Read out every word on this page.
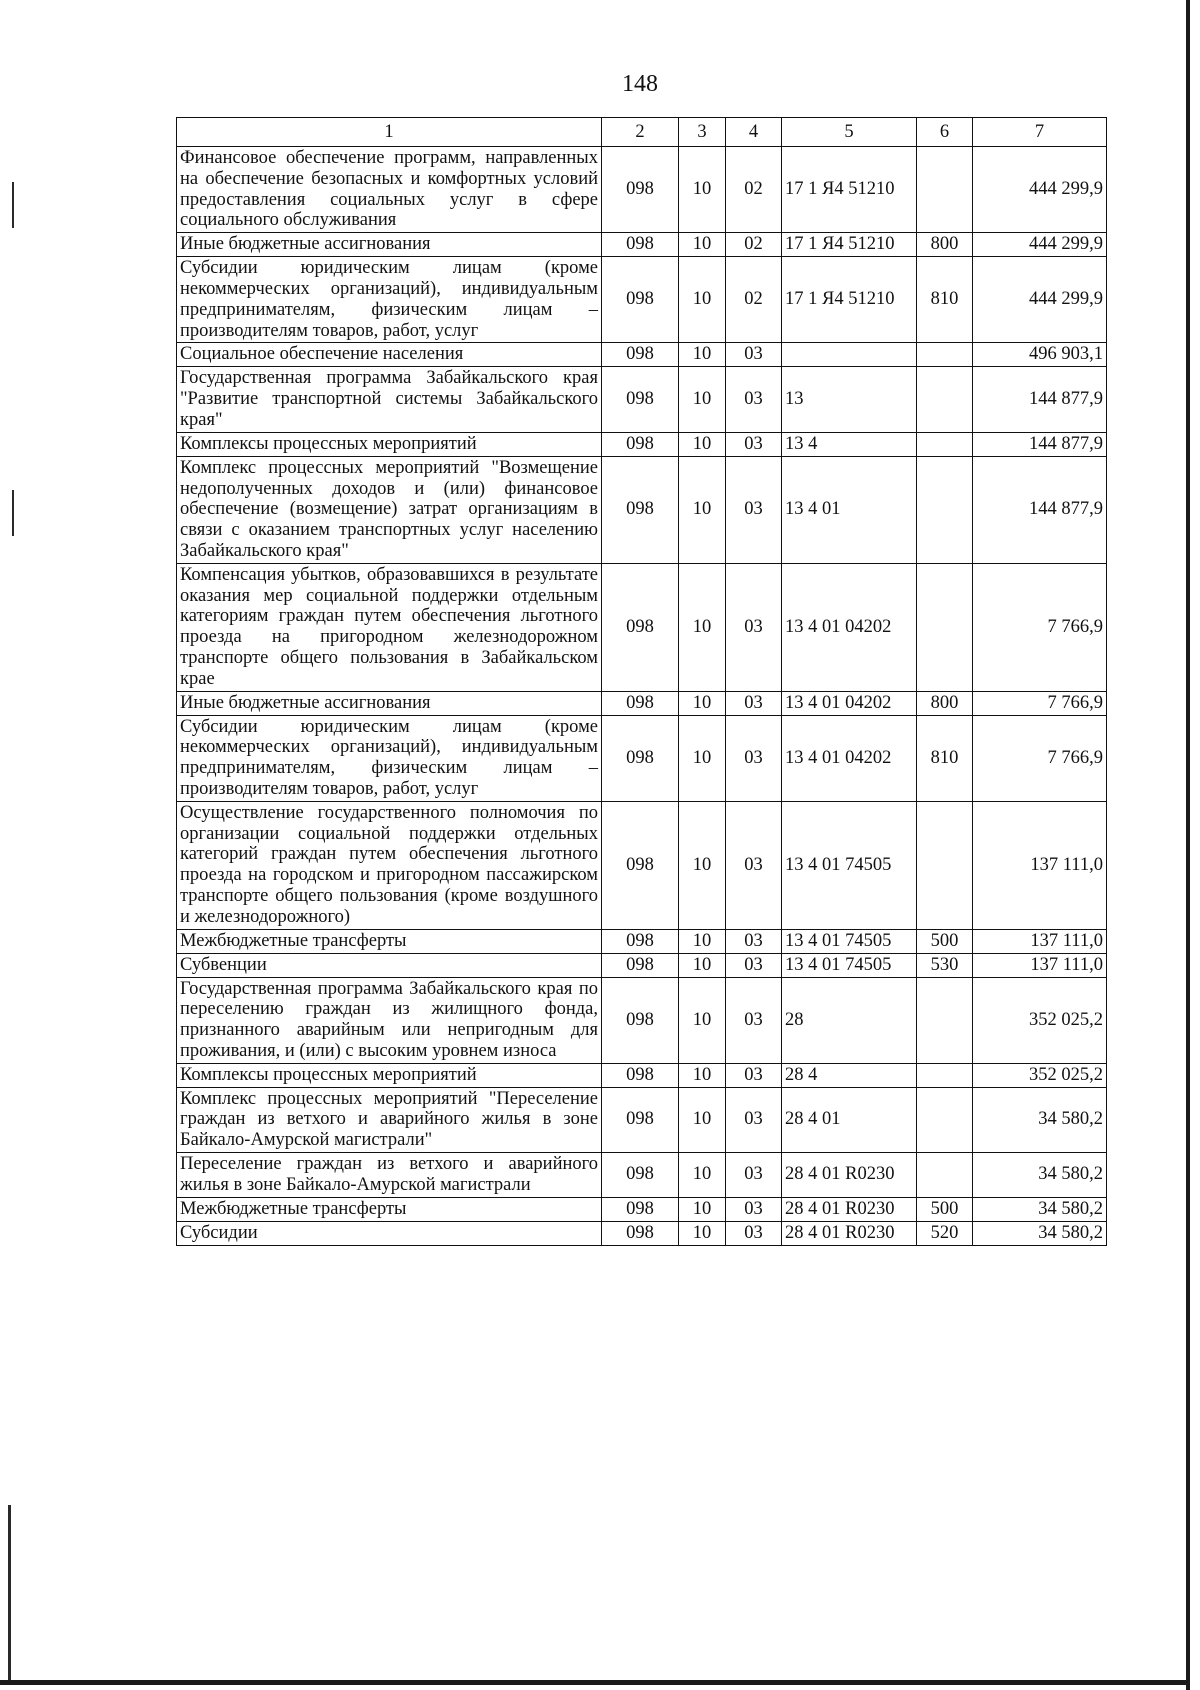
148
1	2	3	4	5	6	7
Финансовое обеспечение программ, направленных на обеспечение безопасных и комфортных условий предоставления социальных услуг в сфере социального обслуживания	098	10	02	17 1 Я4 51210		444 299,9
Иные бюджетные ассигнования	098	10	02	17 1 Я4 51210	800	444 299,9
Субсидии юридическим лицам (кроме некоммерческих организаций), индивидуальным предпринимателям, физическим лицам – производителям товаров, работ, услуг	098	10	02	17 1 Я4 51210	810	444 299,9
Социальное обеспечение населения	098	10	03			496 903,1
Государственная программа Забайкальского края "Развитие транспортной системы Забайкальского края"	098	10	03	13		144 877,9
Комплексы процессных мероприятий	098	10	03	13 4		144 877,9
Комплекс процессных мероприятий "Возмещение недополученных доходов и (или) финансовое обеспечение (возмещение) затрат организациям в связи с оказанием транспортных услуг населению Забайкальского края"	098	10	03	13 4 01		144 877,9
Компенсация убытков, образовавшихся в результате оказания мер социальной поддержки отдельным категориям граждан путем обеспечения льготного проезда на пригородном железнодорожном транспорте общего пользования в Забайкальском крае	098	10	03	13 4 01 04202		7 766,9
Иные бюджетные ассигнования	098	10	03	13 4 01 04202	800	7 766,9
Субсидии юридическим лицам (кроме некоммерческих организаций), индивидуальным предпринимателям, физическим лицам – производителям товаров, работ, услуг	098	10	03	13 4 01 04202	810	7 766,9
Осуществление государственного полномочия по организации социальной поддержки отдельных категорий граждан путем обеспечения льготного проезда на городском и пригородном пассажирском транспорте общего пользования (кроме воздушного и железнодорожного)	098	10	03	13 4 01 74505		137 111,0
Межбюджетные трансферты	098	10	03	13 4 01 74505	500	137 111,0
Субвенции	098	10	03	13 4 01 74505	530	137 111,0
Государственная программа Забайкальского края по переселению граждан из жилищного фонда, признанного аварийным или непригодным для проживания, и (или) с высоким уровнем износа	098	10	03	28		352 025,2
Комплексы процессных мероприятий	098	10	03	28 4		352 025,2
Комплекс процессных мероприятий "Переселение граждан из ветхого и аварийного жилья в зоне Байкало-Амурской магистрали"	098	10	03	28 4 01		34 580,2
Переселение граждан из ветхого и аварийного жилья в зоне Байкало-Амурской магистрали	098	10	03	28 4 01 R0230		34 580,2
Межбюджетные трансферты	098	10	03	28 4 01 R0230	500	34 580,2
Субсидии	098	10	03	28 4 01 R0230	520	34 580,2
